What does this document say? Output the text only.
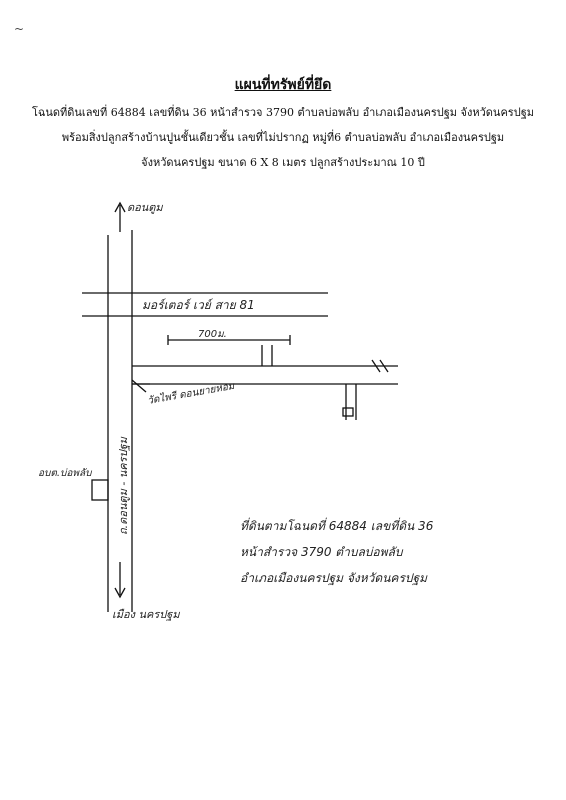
~
แผนที่ทรัพย์ที่ยึด
โฉนดที่ดินเลขที่ 64884 เลขที่ดิน 36 หน้าสำรวจ 3790 ตำบลบ่อพลับ อำเภอเมืองนครปฐม จังหวัดนครปฐม
พร้อมสิ่งปลูกสร้างบ้านปูนชั้นเดียวชั้น เลขที่ไม่ปรากฏ หมู่ที่6 ตำบลบ่อพลับ อำเภอเมืองนครปฐม
จังหวัดนครปฐม ขนาด 6 X 8 เมตร ปลูกสร้างประมาณ 10 ปี
ดอนตูม
มอร์เตอร์ เวย์ สาย 81
700ม.
ถ.ดอนตูม - นครปฐม
วัดไพรี ดอนยายหอม
อบต.บ่อพลับ
เมือง นครปฐม
ที่ดินตามโฉนดที่ 64884 เลขที่ดิน 36
หน้าสำรวจ 3790 ตำบลบ่อพลับ
อำเภอเมืองนครปฐม จังหวัดนครปฐม
